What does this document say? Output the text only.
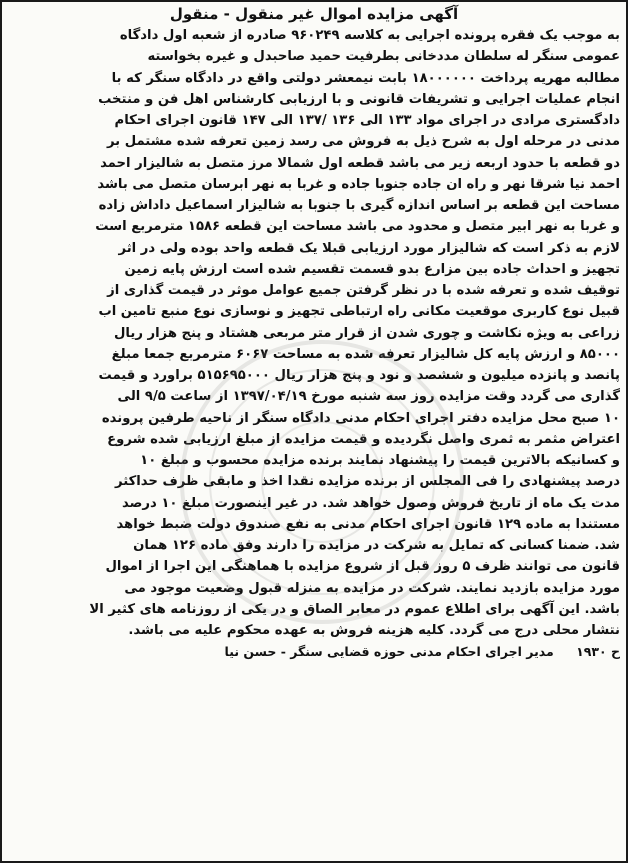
آگهی مزایده اموال غیر منقول - منقول
به موجب یک فقره پرونده اجرایی به کلاسه ۹۶۰۲۴۹ صادره از شعبه اول دادگاه
عمومی سنگر له سلطان مددخانی بطرفیت حمید صاحبدل و غیره بخواسته
مطالبه مهریه پرداخت ۱۸۰۰۰۰۰۰ بابت نیمعشر دولتی واقع در دادگاه سنگر که با
انجام عملیات اجرایی و تشریفات قانونی و با ارزیابی کارشناس اهل فن و منتخب
دادگستری مرادی در اجرای مواد ۱۳۳ الی ۱۳۶ /۱۳۷ الی ۱۴۷ قانون اجرای احکام
مدنی در مرحله اول به شرح ذیل به فروش می رسد زمین تعرفه شده مشتمل بر
دو قطعه با حدود اربعه زیر می باشد قطعه اول شمالا مرز متصل به شالیزار احمد
احمد نیا شرقا نهر و راه ان جاده جنوبا جاده و غربا به نهر ابرسان متصل می باشد
مساحت این قطعه بر اساس اندازه گیری با جنوبا به شالیزار اسماعیل داداش زاده
و غربا به نهر ابیر متصل و محدود می باشد مساحت این قطعه ۱۵۸۶ مترمربع است
لازم به ذکر است که شالیزار مورد ارزیابی قبلا یک قطعه واحد بوده ولی در اثر
تجهیز و احداث جاده بین مزارع بدو قسمت تقسیم شده است ارزش پایه زمین
توقیف شده و تعرفه شده با در نظر گرفتن جمیع عوامل موثر در قیمت گذاری از
قبیل نوع کاربری موقعیت مکانی راه ارتباطی تجهیز و نوسازی نوع منبع تامین اب
زراعی به ویژه نکاشت و چوری شدن از قرار متر مربعی هشتاد و پنج هزار ریال
۸۵۰۰۰ و ارزش پایه کل شالیزار تعرفه شده به مساحت ۶۰۶۷ مترمربع جمعا مبلغ
پانصد و پانزده میلیون و ششصد و نود و پنج هزار ریال ۵۱۵۶۹۵۰۰۰ براورد و قیمت
گذاری می گردد وقت مزایده روز سه شنبه مورخ ۱۳۹۷/۰۴/۱۹ از ساعت ۹/۵ الی
۱۰ صبح محل مزایده دفتر اجرای احکام مدنی دادگاه سنگر از ناحیه طرفین پرونده
اعتراض مثمر به ثمری واصل نگردیده و قیمت مزایده از مبلغ ارزیابی شده شروع
و کسانیکه بالاترین قیمت را پیشنهاد نمایند برنده مزایده محسوب و مبلغ ۱۰
درصد پیشنهادی را فی المجلس از برنده مزایده نقدا اخذ و مابقی ظرف حداکثر
مدت یک ماه از تاریخ فروش وصول خواهد شد. در غیر اینصورت مبلغ ۱۰ درصد
مستندا به ماده ۱۲۹ قانون اجرای احکام مدنی به نفع صندوق دولت ضبط خواهد
شد. ضمنا کسانی که تمایل به شرکت در مزایده را دارند وفق ماده ۱۲۶ همان
قانون می توانند ظرف ۵ روز قبل از شروع مزایده با هماهنگی این اجرا از اموال
مورد مزایده بازدید نمایند. شرکت در مزایده به منزله قبول وضعیت موجود می
باشد. این آگهی برای اطلاع عموم در معابر الصاق و در یکی از روزنامه های کثیر الا
نتشار محلی درج می گردد. کلیه هزینه فروش به عهده محکوم علیه می باشد.
ح ۱۹۳۰ مدیر اجرای احکام مدنی حوزه قضایی سنگر - حسن نیا
